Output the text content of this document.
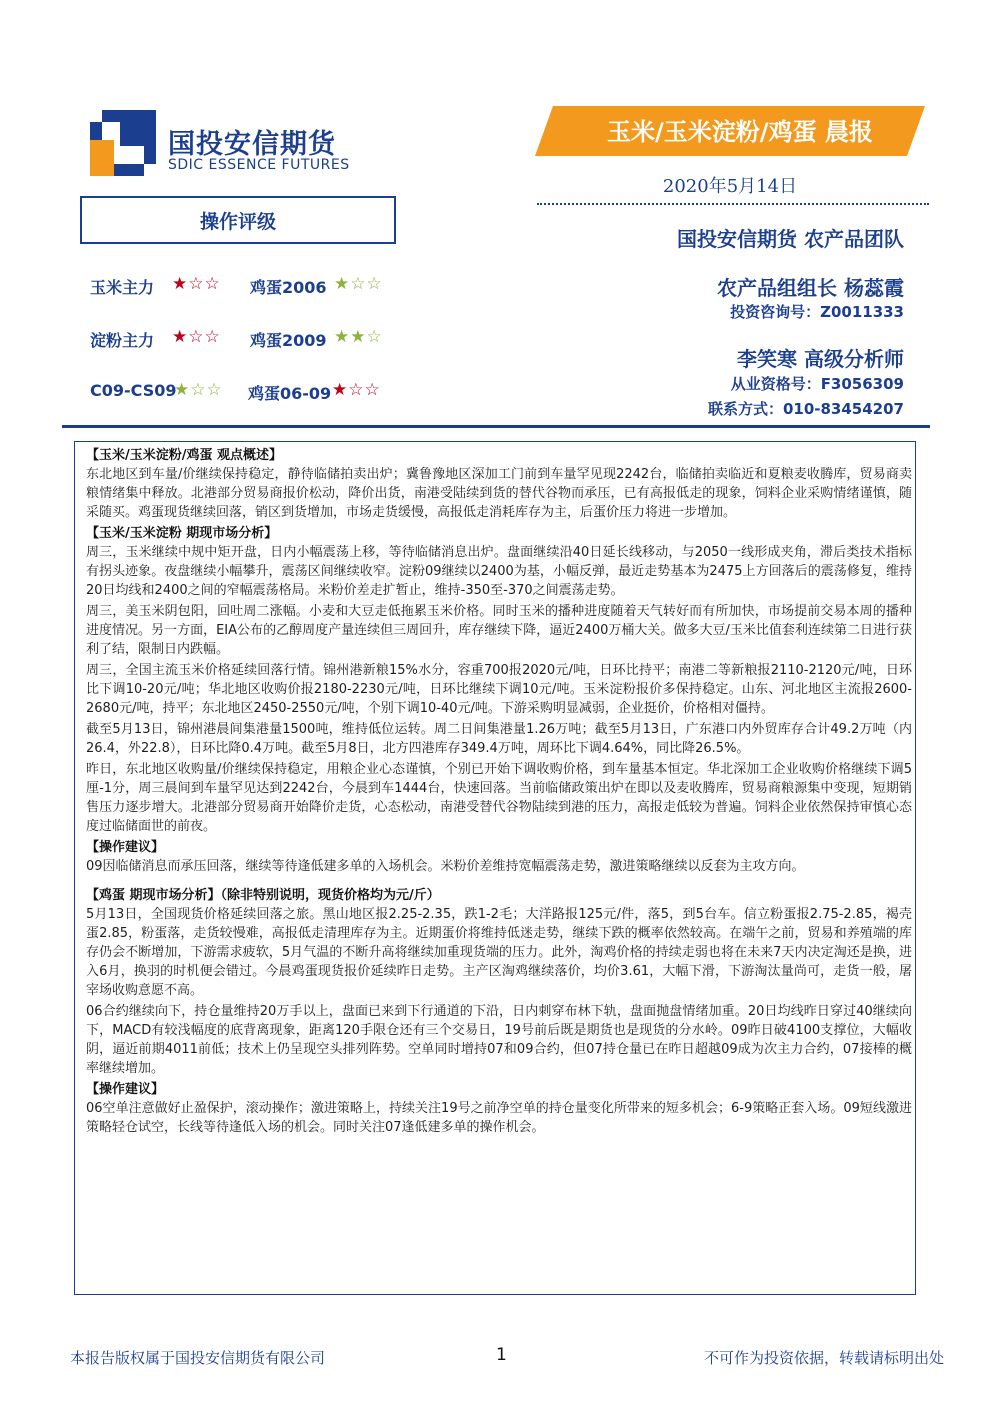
国投安信期货
SDIC ESSENCE FUTURES
玉米/玉米淀粉/鸡蛋 晨报
2020年5月14日
操作评级
玉米主力 ★☆☆ 鸡蛋2006 ★☆☆
淀粉主力 ★☆☆ 鸡蛋2009 ★★☆
C09-CS09
★☆☆ 鸡蛋06-09 ★☆☆
国投安信期货 农产品团队
农产品组组长 杨蕊霞
投资咨询号：Z0011333
李笑寒 高级分析师
从业资格号：F3056309
联系方式：010-83454207
【玉米/玉米淀粉/鸡蛋 观点概述】

东北地区到车量/价继续保持稳定，静待临储拍卖出炉；冀鲁豫地区深加工门前到车量罕见现2242台，临储拍卖临近和夏粮麦收腾库，贸易商卖粮情绪集中释放。北港部分贸易商报价松动，降价出货，南港受陆续到货的替代谷物而承压，已有高报低走的现象，饲料企业采购情绪谨慎，随采随买。鸡蛋现货继续回落，销区到货增加，市场走货缓慢，高报低走消耗库存为主，后蛋价压力将进一步增加。

【玉米/玉米淀粉 期现市场分析】

周三，玉米继续中规中矩开盘，日内小幅震荡上移，等待临储消息出炉。盘面继续沿40日延长线移动，与2050一线形成夹角，滞后类技术指标有拐头迹象。夜盘继续小幅攀升，震荡区间继续收窄。淀粉09继续以2400为基，小幅反弹，最近走势基本为2475上方回落后的震荡修复，维持20日均线和2400之间的窄幅震荡格局。米粉价差走扩暂止，维持-350至-370之间震荡走势。

周三，美玉米阴包阳，回吐周二涨幅。小麦和大豆走低拖累玉米价格。同时玉米的播种进度随着天气转好而有所加快，市场提前交易本周的播种进度情况。另一方面，EIA公布的乙醇周度产量连续但三周回升，库存继续下降，逼近2400万桶大关。做多大豆/玉米比值套利连续第二日进行获利了结，限制日内跌幅。

周三，全国主流玉米价格延续回落行情。锦州港新粮15%水分，容重700报2020元/吨，日环比持平；南港二等新粮报2110-2120元/吨，日环比下调10-20元/吨；华北地区收购价报2180-2230元/吨，日环比继续下调10元/吨。玉米淀粉报价多保持稳定。山东、河北地区主流报2600-2680元/吨，持平；东北地区2450-2550元/吨，个别下调10-40元/吨。下游采购明显减弱，企业挺价，价格相对僵持。

截至5月13日，锦州港晨间集港量1500吨，维持低位运转。周二日间集港量1.26万吨；截至5月13日，广东港口内外贸库存合计49.2万吨（内26.4，外22.8），日环比降0.4万吨。截至5月8日，北方四港库存349.4万吨，周环比下调4.64%，同比降26.5%。

昨日，东北地区收购量/价继续保持稳定，用粮企业心态谨慎，个别已开始下调收购价格，到车量基本恒定。华北深加工企业收购价格继续下调5厘-1分，周三晨间到车量罕见达到2242台，今晨到车1444台，快速回落。当前临储政策出炉在即以及麦收腾库，贸易商粮源集中变现，短期销售压力逐步增大。北港部分贸易商开始降价走货，心态松动，南港受替代谷物陆续到港的压力，高报走低较为普遍。饲料企业依然保持审慎心态度过临储面世的前夜。

【操作建议】

09因临储消息而承压回落，继续等待逢低建多单的入场机会。米粉价差维持宽幅震荡走势，激进策略继续以反套为主攻方向。

【鸡蛋 期现市场分析】（除非特别说明，现货价格均为元/斤）

5月13日，全国现货价格延续回落之旅。黑山地区报2.25-2.35，跌1-2毛；大洋路报125元/件，落5，到5台车。信立粉蛋报2.75-2.85，褐壳蛋2.85，粉蛋落，走货较慢难，高报低走清理库存为主。近期蛋价将维持低迷走势，继续下跌的概率依然较高。在端午之前，贸易和养殖端的库存仍会不断增加，下游需求疲软，5月气温的不断升高将继续加重现货端的压力。此外，淘鸡价格的持续走弱也将在未来7天内决定淘还是换，进入6月，换羽的时机便会错过。今晨鸡蛋现货报价延续昨日走势。主产区淘鸡继续落价，均价3.61，大幅下滑，下游淘汰量尚可，走货一般，屠宰场收购意愿不高。

06合约继续向下，持仓量维持20万手以上，盘面已来到下行通道的下沿，日内刺穿布林下轨，盘面抛盘情绪加重。20日均线昨日穿过40继续向下，MACD有较浅幅度的底背离现象，距离120手限仓还有三个交易日，19号前后既是期货也是现货的分水岭。09昨日破4100支撑位，大幅收阴，逼近前期4011前低；技术上仍呈现空头排列阵势。空单同时增持07和09合约，但07持仓量已在昨日超越09成为次主力合约，07接棒的概率继续增加。

【操作建议】

06空单注意做好止盈保护，滚动操作；激进策略上，持续关注19号之前净空单的持仓量变化所带来的短多机会；6-9策略正套入场。09短线激进策略轻仓试空，长线等待逢低入场的机会。同时关注07逢低建多单的操作机会。

本报告版权属于国投安信期货有限公司	1	不可作为投资依据，转载请标明出处
